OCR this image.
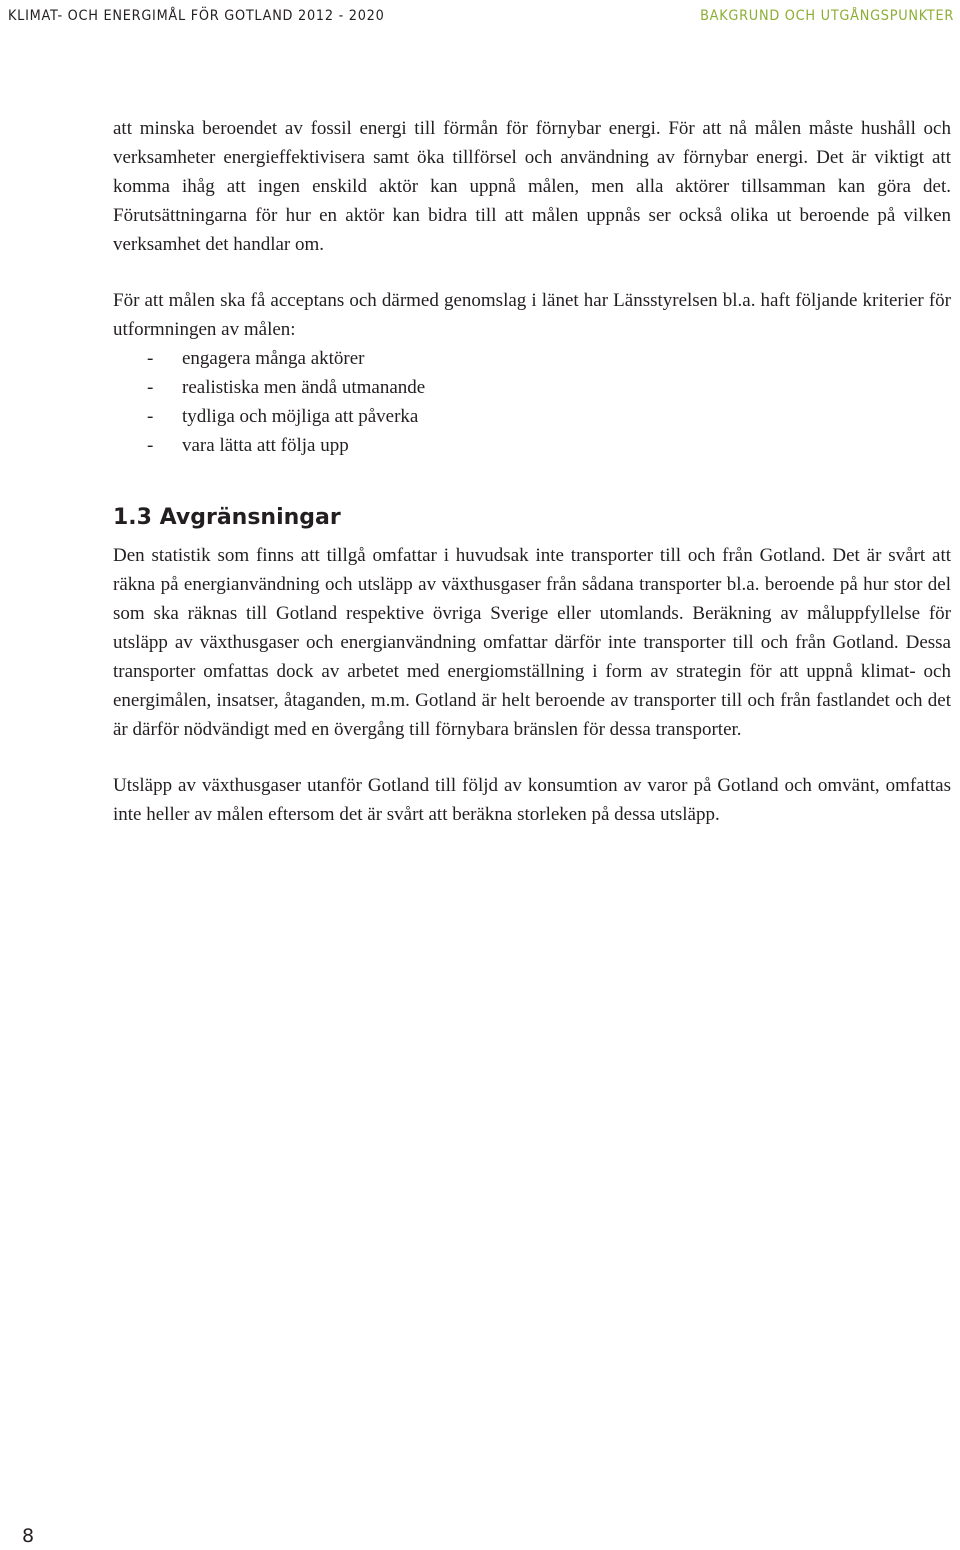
KLIMAT- OCH ENERGIMÅL FÖR GOTLAND 2012 - 2020	BAKGRUND OCH UTGÅNGSPUNKTER

att minska beroendet av fossil energi till förmån för förnybar energi. För att nå målen måste hushåll och verksamheter energieffektivisera samt öka tillförsel och användning av förnybar energi. Det är viktigt att komma ihåg att ingen enskild aktör kan uppnå målen, men alla aktörer tillsamman kan göra det. Förutsättningarna för hur en aktör kan bidra till att målen uppnås ser också olika ut beroende på vilken verksamhet det handlar om.

För att målen ska få acceptans och därmed genomslag i länet har Länsstyrelsen bl.a. haft följande kriterier för utformningen av målen:

- engagera många aktörer
- realistiska men ändå utmanande
- tydliga och möjliga att påverka
- vara lätta att följa upp
1.3 Avgränsningar

Den statistik som finns att tillgå omfattar i huvudsak inte transporter till och från Gotland. Det är svårt att räkna på energianvändning och utsläpp av växthusgaser från sådana transporter bl.a. beroende på hur stor del som ska räknas till Gotland respektive övriga Sverige eller utomlands. Beräkning av måluppfyllelse för utsläpp av växthusgaser och energianvändning omfattar därför inte transporter till och från Gotland. Dessa transporter omfattas dock av arbetet med energiomställning i form av strategin för att uppnå klimat- och energimålen, insatser, åtaganden, m.m. Gotland är helt beroende av transporter till och från fastlandet och det är därför nödvändigt med en övergång till förnybara bränslen för dessa transporter.

Utsläpp av växthusgaser utanför Gotland till följd av konsumtion av varor på Gotland och omvänt, omfattas inte heller av målen eftersom det är svårt att beräkna storleken på dessa utsläpp.

8
